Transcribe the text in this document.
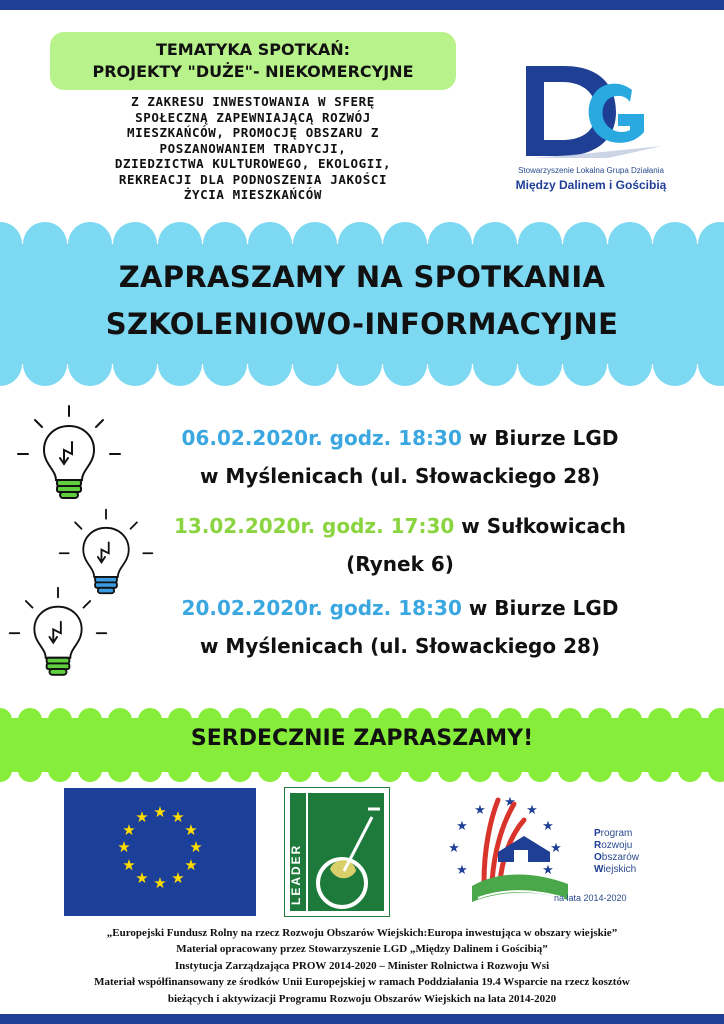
TEMATYKA SPOTKAŃ:
PROJEKTY "DUŻE"- NIEKOMERCYJNE
Z ZAKRESU INWESTOWANIA W SFERĘ
SPOŁECZNĄ ZAPEWNIAJĄCĄ ROZWÓJ
MIESZKAŃCÓW, PROMOCJĘ OBSZARU Z
POSZANOWANIEM TRADYCJI,
DZIEDZICTWA KULTUROWEGO, EKOLOGII,
REKREACJI DLA PODNOSZENIA JAKOŚCI
ŻYCIA MIESZKAŃCÓW
Stowarzyszenie Lokalna Grupa Działania
Między Dalinem i Gościbią
ZAPRASZAMY NA SPOTKANIA
SZKOLENIOWO-INFORMACYJNE
06.02.2020r. godz. 18:30 w Biurze LGD
w Myślenicach (ul. Słowackiego 28)
13.02.2020r. godz. 17:30 w Sułkowicach
(Rynek 6)
20.02.2020r. godz. 18:30 w Biurze LGD
w Myślenicach (ul. Słowackiego 28)
SERDECZNIE ZAPRASZAMY!
★ ★
★
★
★
★
★
★
★
★
★
★
LEADER
★
★
★
★
★
★
★
★
★
Program
Rozwoju
Obszarów
Wiejskich
na lata 2014-2020
„Europejski Fundusz Rolny na rzecz Rozwoju Obszarów Wiejskich:Europa inwestująca w obszary wiejskie”
Materiał opracowany przez Stowarzyszenie LGD „Między Dalinem i Gościbią”
Instytucja Zarządzająca PROW 2014-2020 – Minister Rolnictwa i Rozwoju Wsi
Materiał współfinansowany ze środków Unii Europejskiej w ramach Poddziałania 19.4 Wsparcie na rzecz kosztów
bieżących i aktywizacji Programu Rozwoju Obszarów Wiejskich na lata 2014-2020
